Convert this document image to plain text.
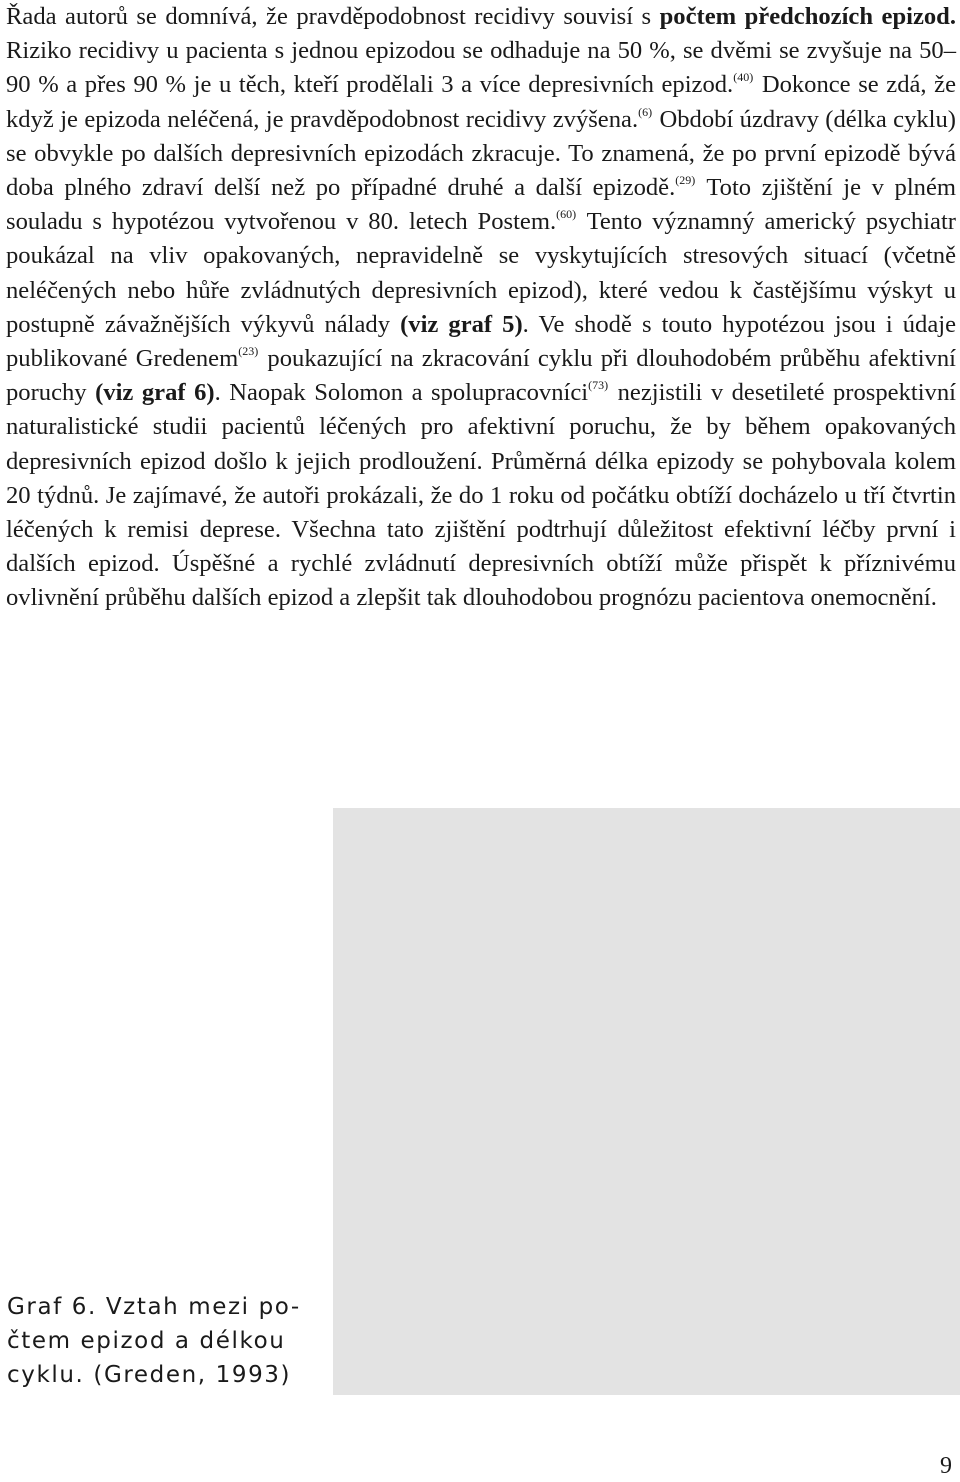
Řada autorů se domnívá, že pravděpodobnost recidivy souvisí s počtem předchozích epizod. Riziko recidivy u pacienta s jednou epizodou se odhaduje na 50 %, se dvěmi se zvyšuje na 50–90 % a přes 90 % je u těch, kteří prodělali 3 a více depresivních epizod.$^{(40)}$ Dokonce se zdá, že když je epizoda neléčená, je pravděpodobnost recidivy zvýšena.$^{(6)}$ Období úzdravy (délka cyklu) se obvykle po dalších depresivních epizodách zkracuje. To znamená, že po první epizodě bývá doba plného zdraví delší než po případné druhé a další epizodě.$^{(29)}$ Toto zjištění je v plném souladu s hypotézou vytvořenou v 80. letech Postem.$^{(60)}$ Tento významný americký psychiatr poukázal na vliv opakovaných, nepravidelně se vyskytujících stresových situací (včetně neléčených nebo hůře zvládnutých depresivních epizod), které vedou k častějšímu výskyt u postupně závažnějších výkyvů nálady (viz graf 5). Ve shodě s touto hypotézou jsou i údaje publikované Gredenem$^{(23)}$ poukazující na zkracování cyklu při dlouhodobém průběhu afektivní poruchy (viz graf 6). Naopak Solomon a spolupracovníci$^{(73)}$ nezjistili v desetileté prospektivní naturalistické studii pacientů léčených pro afektivní poruchu, že by během opakovaných depresivních epizod došlo k jejich prodloužení. Průměrná délka epizody se pohybovala kolem 20 týdnů. Je zajímavé, že autoři prokázali, že do 1 roku od počátku obtíží docházelo u tří čtvrtin léčených k remisi deprese. Všechna tato zjištění podtrhují důležitost efektivní léčby první i dalších epizod. Úspěšné a rychlé zvládnutí depresivních obtíží může přispět k příznivému ovlivnění průběhu dalších epizod a zlepšit tak dlouhodobou prognózu pacientova onemocnění.

Graf 6. Vztah mezi po-
čtem epizod a délkou
cyklu. (Greden, 1993)

9
